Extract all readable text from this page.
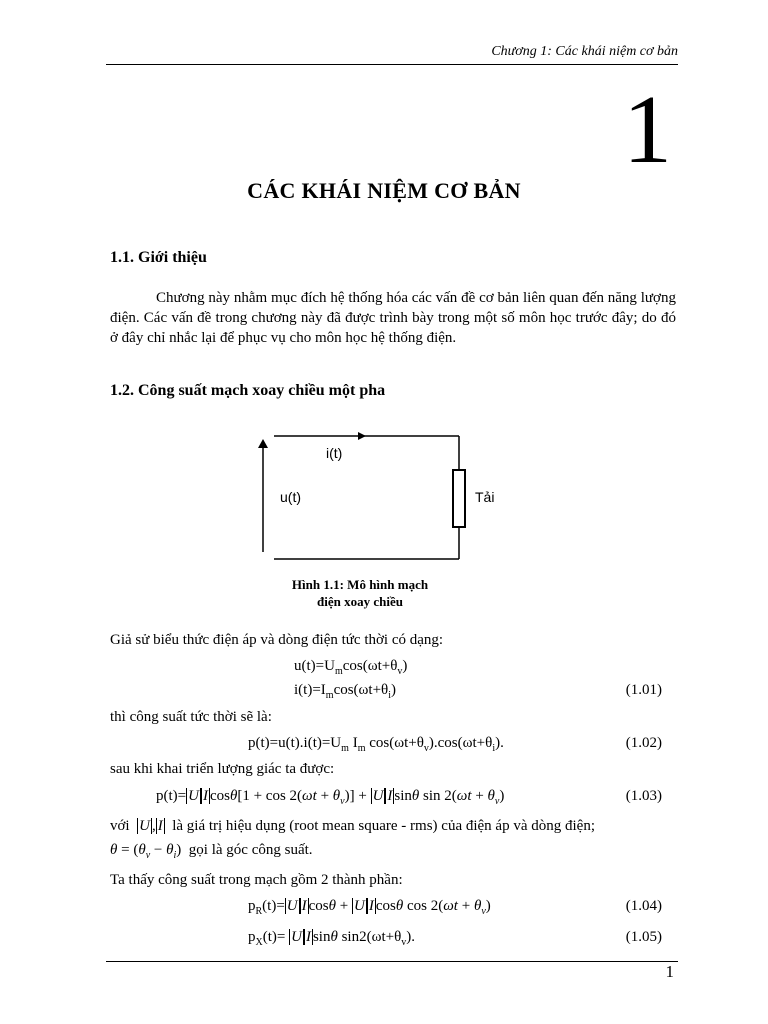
Chương 1: Các khái niệm cơ bản
1
CÁC KHÁI NIỆM CƠ BẢN
1.1. Giới thiệu

Chương này nhằm mục đích hệ thống hóa các vấn đề cơ bản liên quan đến năng lượng điện. Các vấn đề trong chương này đã được trình bày trong một số môn học trước đây; do đó ở đây chỉ nhắc lại để phục vụ cho môn học hệ thống điện.

1.2. Công suất mạch xoay chiều một pha
i(t)
u(t)	Tải
Hình 1.1: Mô hình mạch
điện xoay chiều
Giả sử biểu thức điện áp và dòng điện tức thời có dạng:
$u(t)=U_m\cos(\omega t+\theta_v)$
$i(t)=I_m\cos(\omega t+\theta_i)$	(1.01)
thì công suất tức thời sẽ là:
$p(t)=u(t).i(t)=U_m$ $I_m$ $\cos(\omega t+\theta_v).\cos(\omega t+\theta_i)$.	(1.02)
sau khi khai triển lượng giác ta được:
p(t)= U I $\cos\theta[1 + \cos 2(\omega t + \theta_v)] + U$ I sinθ $\sin 2(\omega t + \theta_v)$	(1.03)
với U , I là giá trị hiệu dụng (root mean square - rms) của điện áp và dòng điện;
$\theta = (\theta_v - \theta_i)$  gọi là góc công suất.
Ta thấy công suất trong mạch gồm 2 thành phần:
$p_R(t)= U$ I cosθ + U I cosθ $\cos 2(\omega t + \theta_v)$	(1.04)
$p_X(t)= U$ I sinθ $\sin 2(\omega t+\theta_v)$.	(1.05)
1
